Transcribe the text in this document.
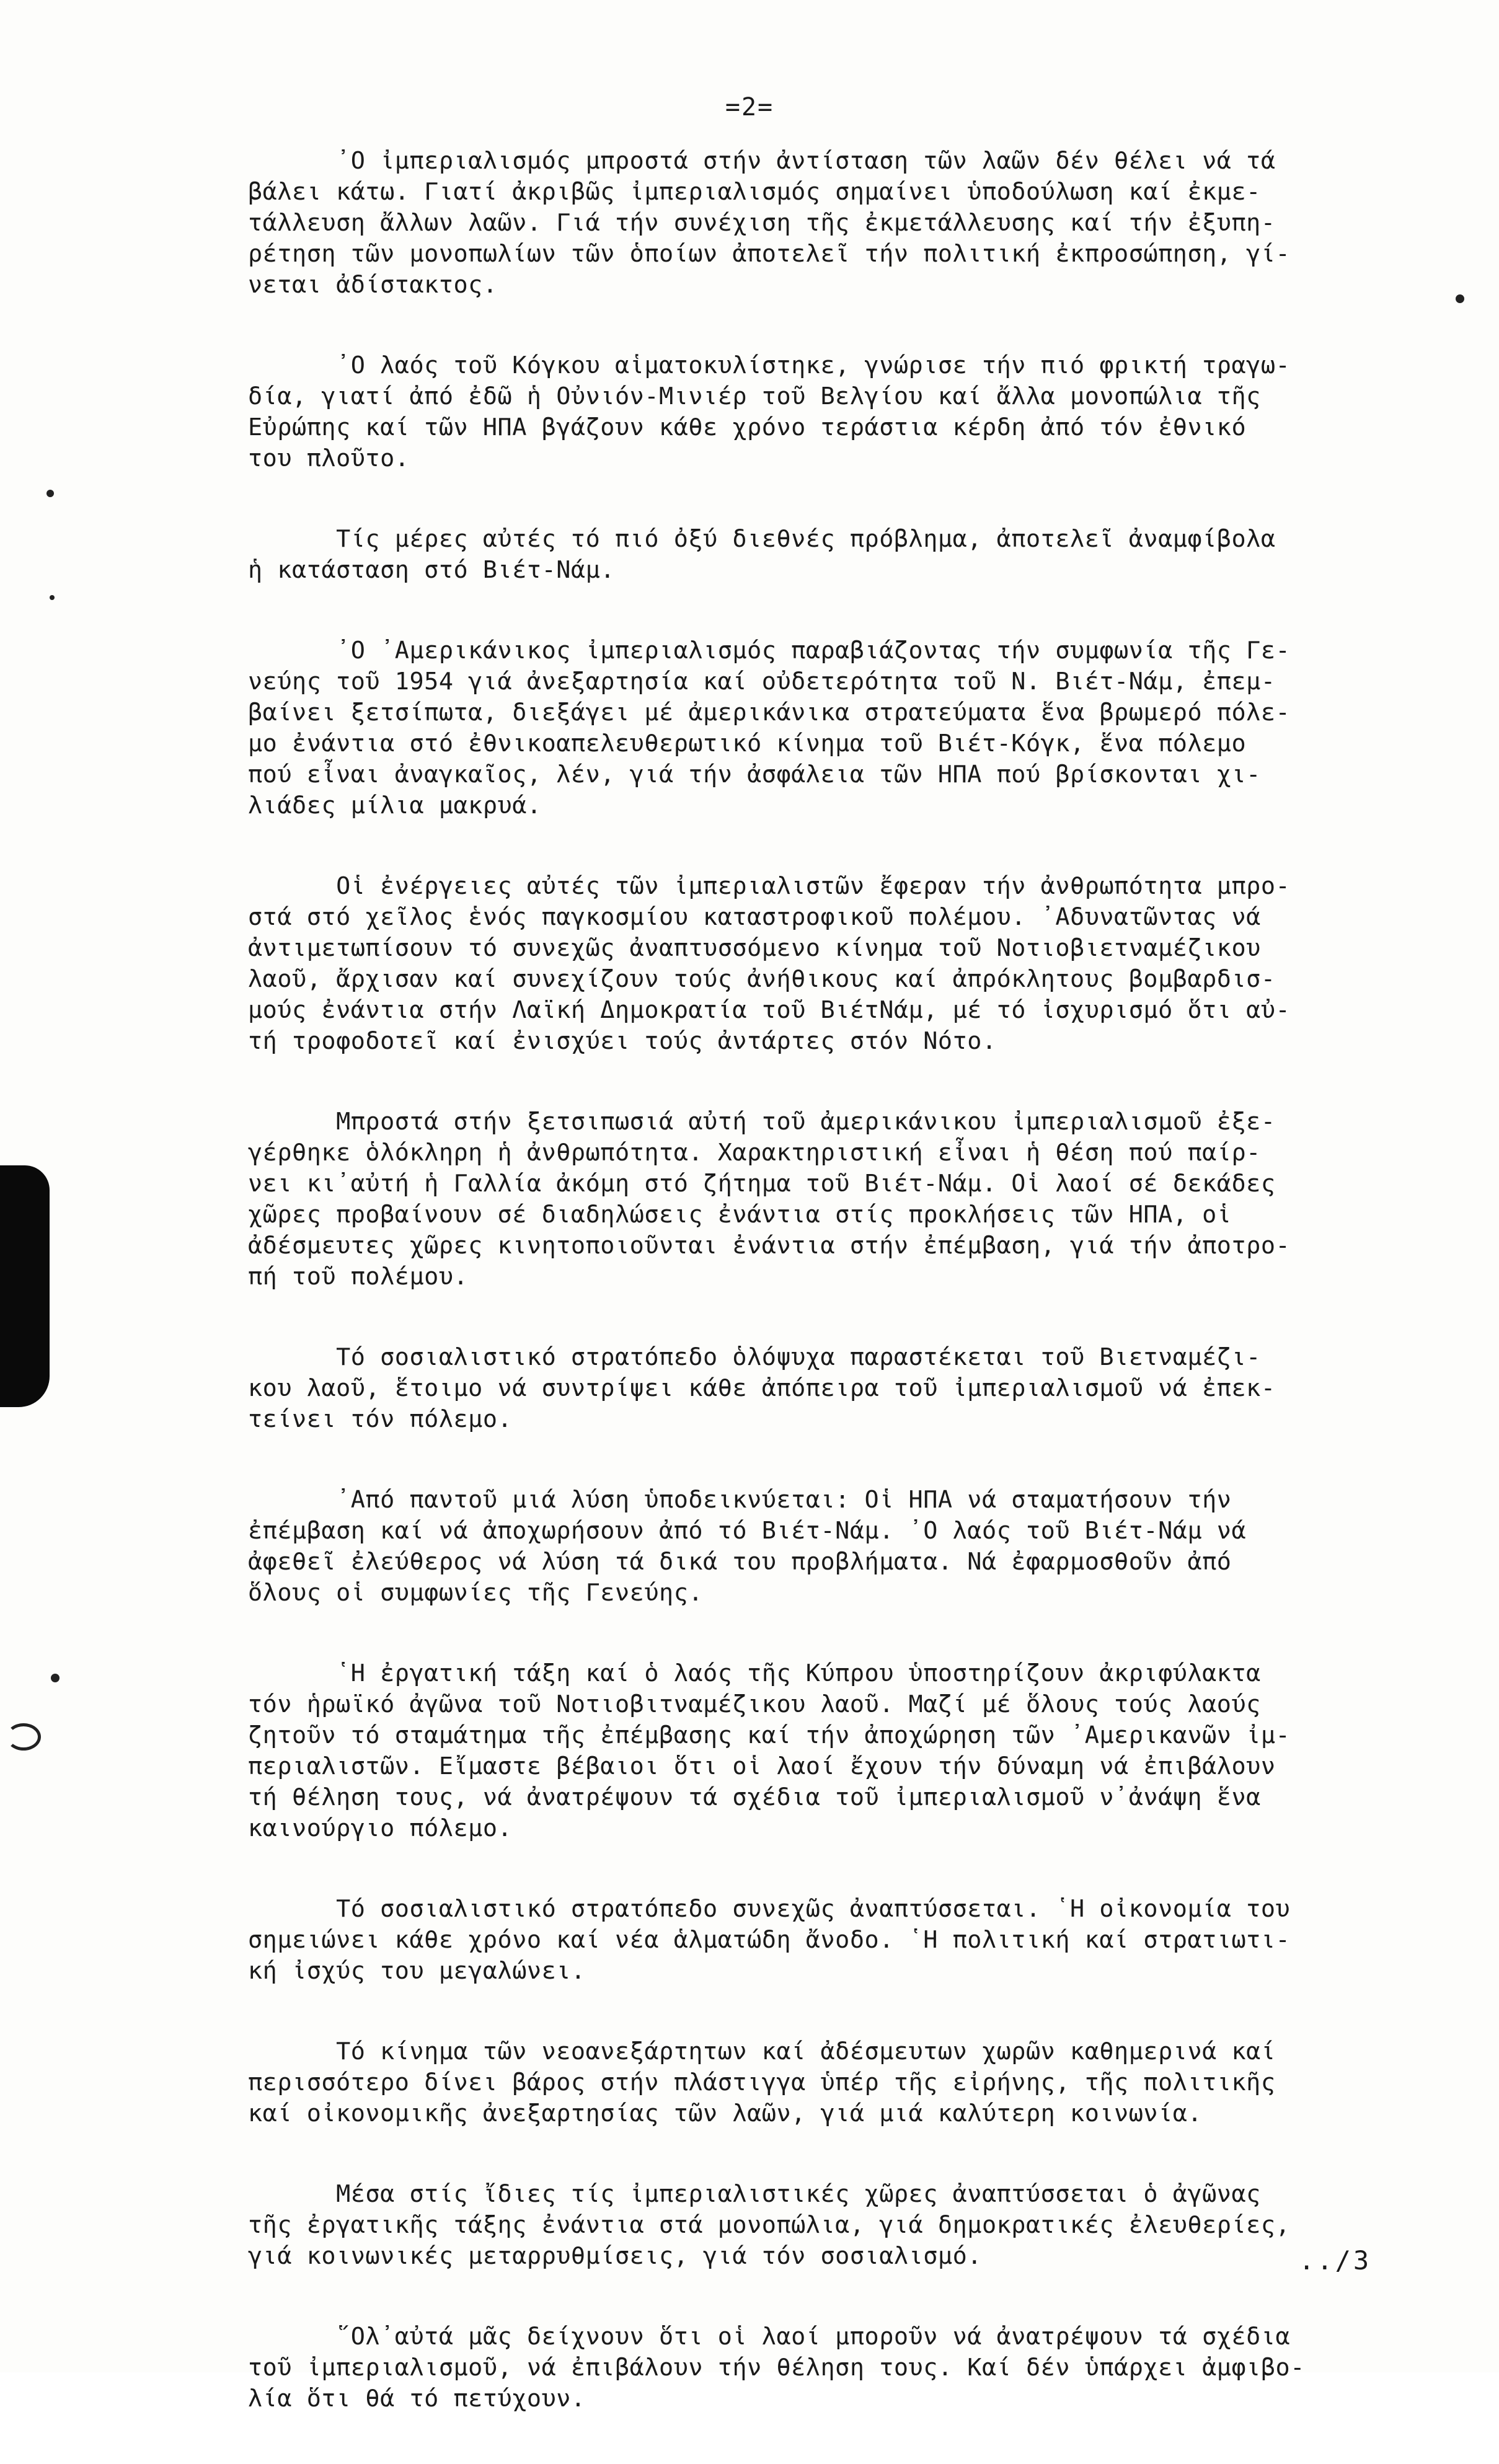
=2=
᾽Ο ἰμπεριαλισμός μπροστά στήν ἀντίσταση τῶν λαῶν δέν θέλει νά τά
βάλει κάτω. Γιατί ἀκριβῶς ἰμπεριαλισμός σημαίνει ὑποδούλωση καί ἐκμε-
τάλλευση ἄλλων λαῶν. Γιά τήν συνέχιση τῆς ἐκμετάλλευσης καί τήν ἐξυπη-
ρέτηση τῶν μονοπωλίων τῶν ὁποίων ἀποτελεῖ τήν πολιτική ἐκπροσώπηση, γί-
νεται ἀδίστακτος.
᾽Ο λαός τοῦ Κόγκου αἱματοκυλίστηκε, γνώρισε τήν πιό φρικτή τραγω-
δία, γιατί ἀπό ἐδῶ ἡ Οὐνιόν-Μινιέρ τοῦ Βελγίου καί ἄλλα μονοπώλια τῆς
Εὐρώπης καί τῶν ΗΠΑ βγάζουν κάθε χρόνο τεράστια κέρδη ἀπό τόν ἐθνικό
του πλοῦτο.
Τίς μέρες αὐτές τό πιό ὀξύ διεθνές πρόβλημα, ἀποτελεῖ ἀναμφίβολα
ἡ κατάσταση στό Βιέτ-Νάμ.
᾽Ο ᾽Αμερικάνικος ἰμπεριαλισμός παραβιάζοντας τήν συμφωνία τῆς Γε-
νεύης τοῦ 1954 γιά ἀνεξαρτησία καί οὐδετερότητα τοῦ Ν. Βιέτ-Νάμ, ἐπεμ-
βαίνει ξετσίπωτα, διεξάγει μέ ἀμερικάνικα στρατεύματα ἕνα βρωμερό πόλε-
μο ἐνάντια στό ἐθνικοαπελευθερωτικό κίνημα τοῦ Βιέτ-Κόγκ, ἕνα πόλεμο
πού εἶναι ἀναγκαῖος, λέν, γιά τήν ἀσφάλεια τῶν ΗΠΑ πού βρίσκονται χι-
λιάδες μίλια μακρυά.
Οἱ ἐνέργειες αὐτές τῶν ἰμπεριαλιστῶν ἔφεραν τήν ἀνθρωπότητα μπρο-
στά στό χεῖλος ἑνός παγκοσμίου καταστροφικοῦ πολέμου. ᾽Αδυνατῶντας νά
ἀντιμετωπίσουν τό συνεχῶς ἀναπτυσσόμενο κίνημα τοῦ Νοτιοβιετναμέζικου
λαοῦ, ἄρχισαν καί συνεχίζουν τούς ἀνήθικους καί ἀπρόκλητους βομβαρδισ-
μούς ἐνάντια στήν Λαϊκή Δημοκρατία τοῦ ΒιέτΝάμ, μέ τό ἰσχυρισμό ὅτι αὐ-
τή τροφοδοτεῖ καί ἐνισχύει τούς ἀντάρτες στόν Νότο.
Μπροστά στήν ξετσιπωσιά αὐτή τοῦ ἀμερικάνικου ἰμπεριαλισμοῦ ἐξε-
γέρθηκε ὁλόκληρη ἡ ἀνθρωπότητα. Χαρακτηριστική εἶναι ἡ θέση πού παίρ-
νει κι᾽αὐτή ἡ Γαλλία ἀκόμη στό ζήτημα τοῦ Βιέτ-Νάμ. Οἱ λαοί σέ δεκάδες
χῶρες προβαίνουν σέ διαδηλώσεις ἐνάντια στίς προκλήσεις τῶν ΗΠΑ, οἱ
ἀδέσμευτες χῶρες κινητοποιοῦνται ἐνάντια στήν ἐπέμβαση, γιά τήν ἀποτρο-
πή τοῦ πολέμου.
Τό σοσιαλιστικό στρατόπεδο ὁλόψυχα παραστέκεται τοῦ Βιετναμέζι-
κου λαοῦ, ἕτοιμο νά συντρίψει κάθε ἀπόπειρα τοῦ ἰμπεριαλισμοῦ νά ἐπεκ-
τείνει τόν πόλεμο.
᾽Από παντοῦ μιά λύση ὑποδεικνύεται: Οἱ ΗΠΑ νά σταματήσουν τήν
ἐπέμβαση καί νά ἀποχωρήσουν ἀπό τό Βιέτ-Νάμ. ᾽Ο λαός τοῦ Βιέτ-Νάμ νά
ἀφεθεῖ ἐλεύθερος νά λύση τά δικά του προβλήματα. Νά ἐφαρμοσθοῦν ἀπό
ὅλους οἱ συμφωνίες τῆς Γενεύης.
῾Η ἐργατική τάξη καί ὁ λαός τῆς Κύπρου ὑποστηρίζουν ἀκριφύλακτα
τόν ἡρωϊκό ἀγῶνα τοῦ Νοτιοβιτναμέζικου λαοῦ. Μαζί μέ ὅλους τούς λαούς
ζητοῦν τό σταμάτημα τῆς ἐπέμβασης καί τήν ἀποχώρηση τῶν ᾽Αμερικανῶν ἰμ-
περιαλιστῶν. Εἴμαστε βέβαιοι ὅτι οἱ λαοί ἔχουν τήν δύναμη νά ἐπιβάλουν
τή θέληση τους, νά ἀνατρέψουν τά σχέδια τοῦ ἰμπεριαλισμοῦ ν᾽ἀνάψη ἕνα
καινούργιο πόλεμο.
Τό σοσιαλιστικό στρατόπεδο συνεχῶς ἀναπτύσσεται. ῾Η οἰκονομία του
σημειώνει κάθε χρόνο καί νέα ἁλματώδη ἄνοδο. ῾Η πολιτική καί στρατιωτι-
κή ἰσχύς του μεγαλώνει.
Τό κίνημα τῶν νεοανεξάρτητων καί ἀδέσμευτων χωρῶν καθημερινά καί
περισσότερο δίνει βάρος στήν πλάστιγγα ὑπέρ τῆς εἰρήνης, τῆς πολιτικῆς
καί οἰκονομικῆς ἀνεξαρτησίας τῶν λαῶν, γιά μιά καλύτερη κοινωνία.
Μέσα στίς ἴδιες τίς ἰμπεριαλιστικές χῶρες ἀναπτύσσεται ὁ ἀγῶνας
τῆς ἐργατικῆς τάξης ἐνάντια στά μονοπώλια, γιά δημοκρατικές ἐλευθερίες,
γιά κοινωνικές μεταρρυθμίσεις, γιά τόν σοσιαλισμό.
῞Ολ᾽αὐτά μᾶς δείχνουν ὅτι οἱ λαοί μποροῦν νά ἀνατρέψουν τά σχέδια
τοῦ ἰμπεριαλισμοῦ, νά ἐπιβάλουν τήν θέληση τους. Καί δέν ὑπάρχει ἀμφιβο-
λία ὅτι θά τό πετύχουν.
../3
